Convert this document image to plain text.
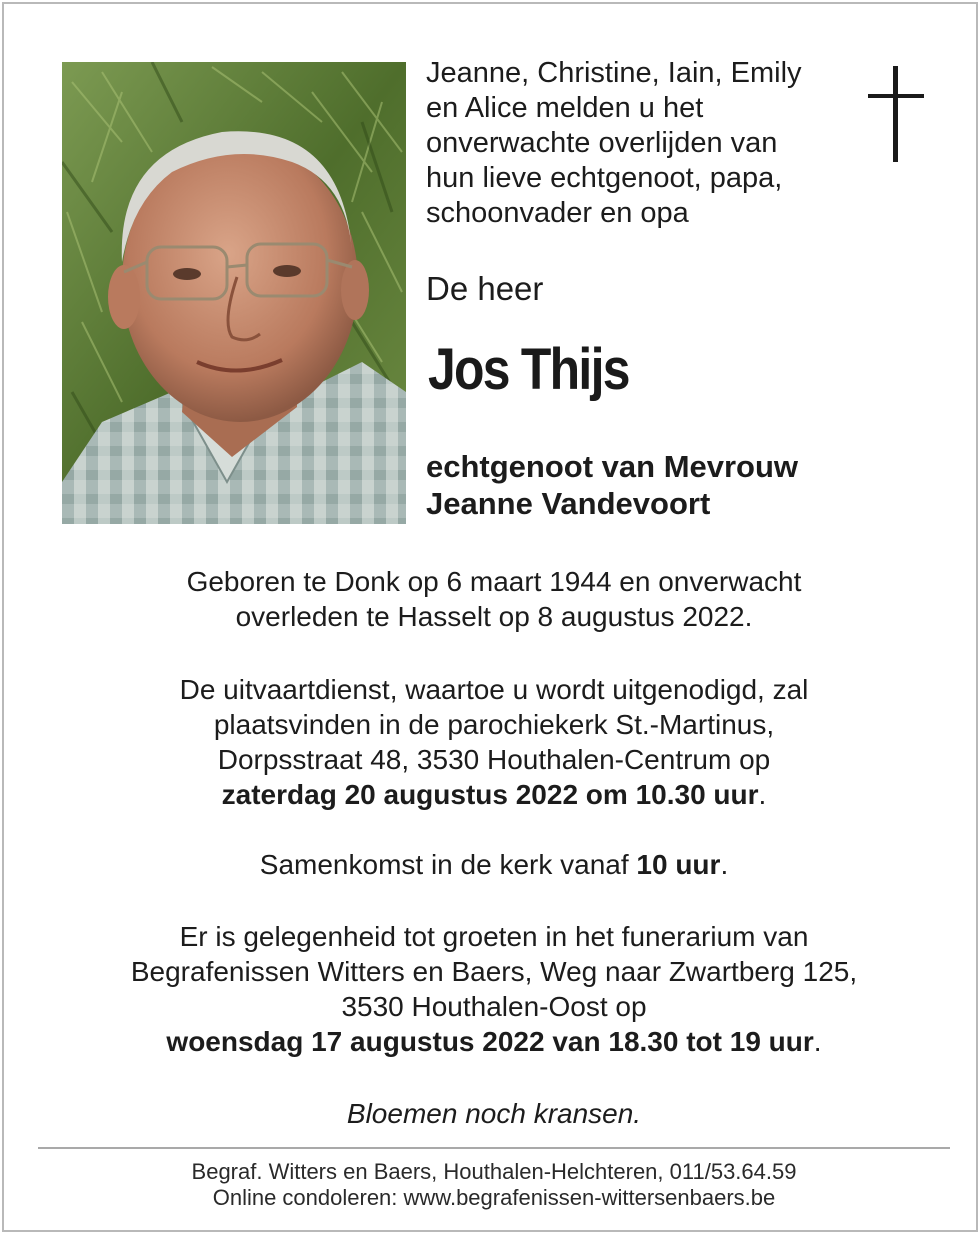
Jeanne, Christine, Iain, Emily
en Alice melden u het
onverwachte overlijden van
hun lieve echtgenoot, papa,
schoonvader en opa
De heer
Jos Thijs
echtgenoot van Mevrouw
Jeanne Vandevoort
Geboren te Donk op 6 maart 1944 en onverwacht
overleden te Hasselt op 8 augustus 2022.
De uitvaartdienst, waartoe u wordt uitgenodigd, zal
plaatsvinden in de parochiekerk St.-Martinus,
Dorpsstraat 48, 3530 Houthalen-Centrum op
zaterdag 20 augustus 2022 om 10.30 uur.
Samenkomst in de kerk vanaf 10 uur.
Er is gelegenheid tot groeten in het funerarium van
Begrafenissen Witters en Baers, Weg naar Zwartberg 125,
3530 Houthalen-Oost op
woensdag 17 augustus 2022 van 18.30 tot 19 uur.
Bloemen noch kransen.
Begraf. Witters en Baers, Houthalen-Helchteren, 011/53.64.59
Online condoleren: www.begrafenissen-wittersenbaers.be
